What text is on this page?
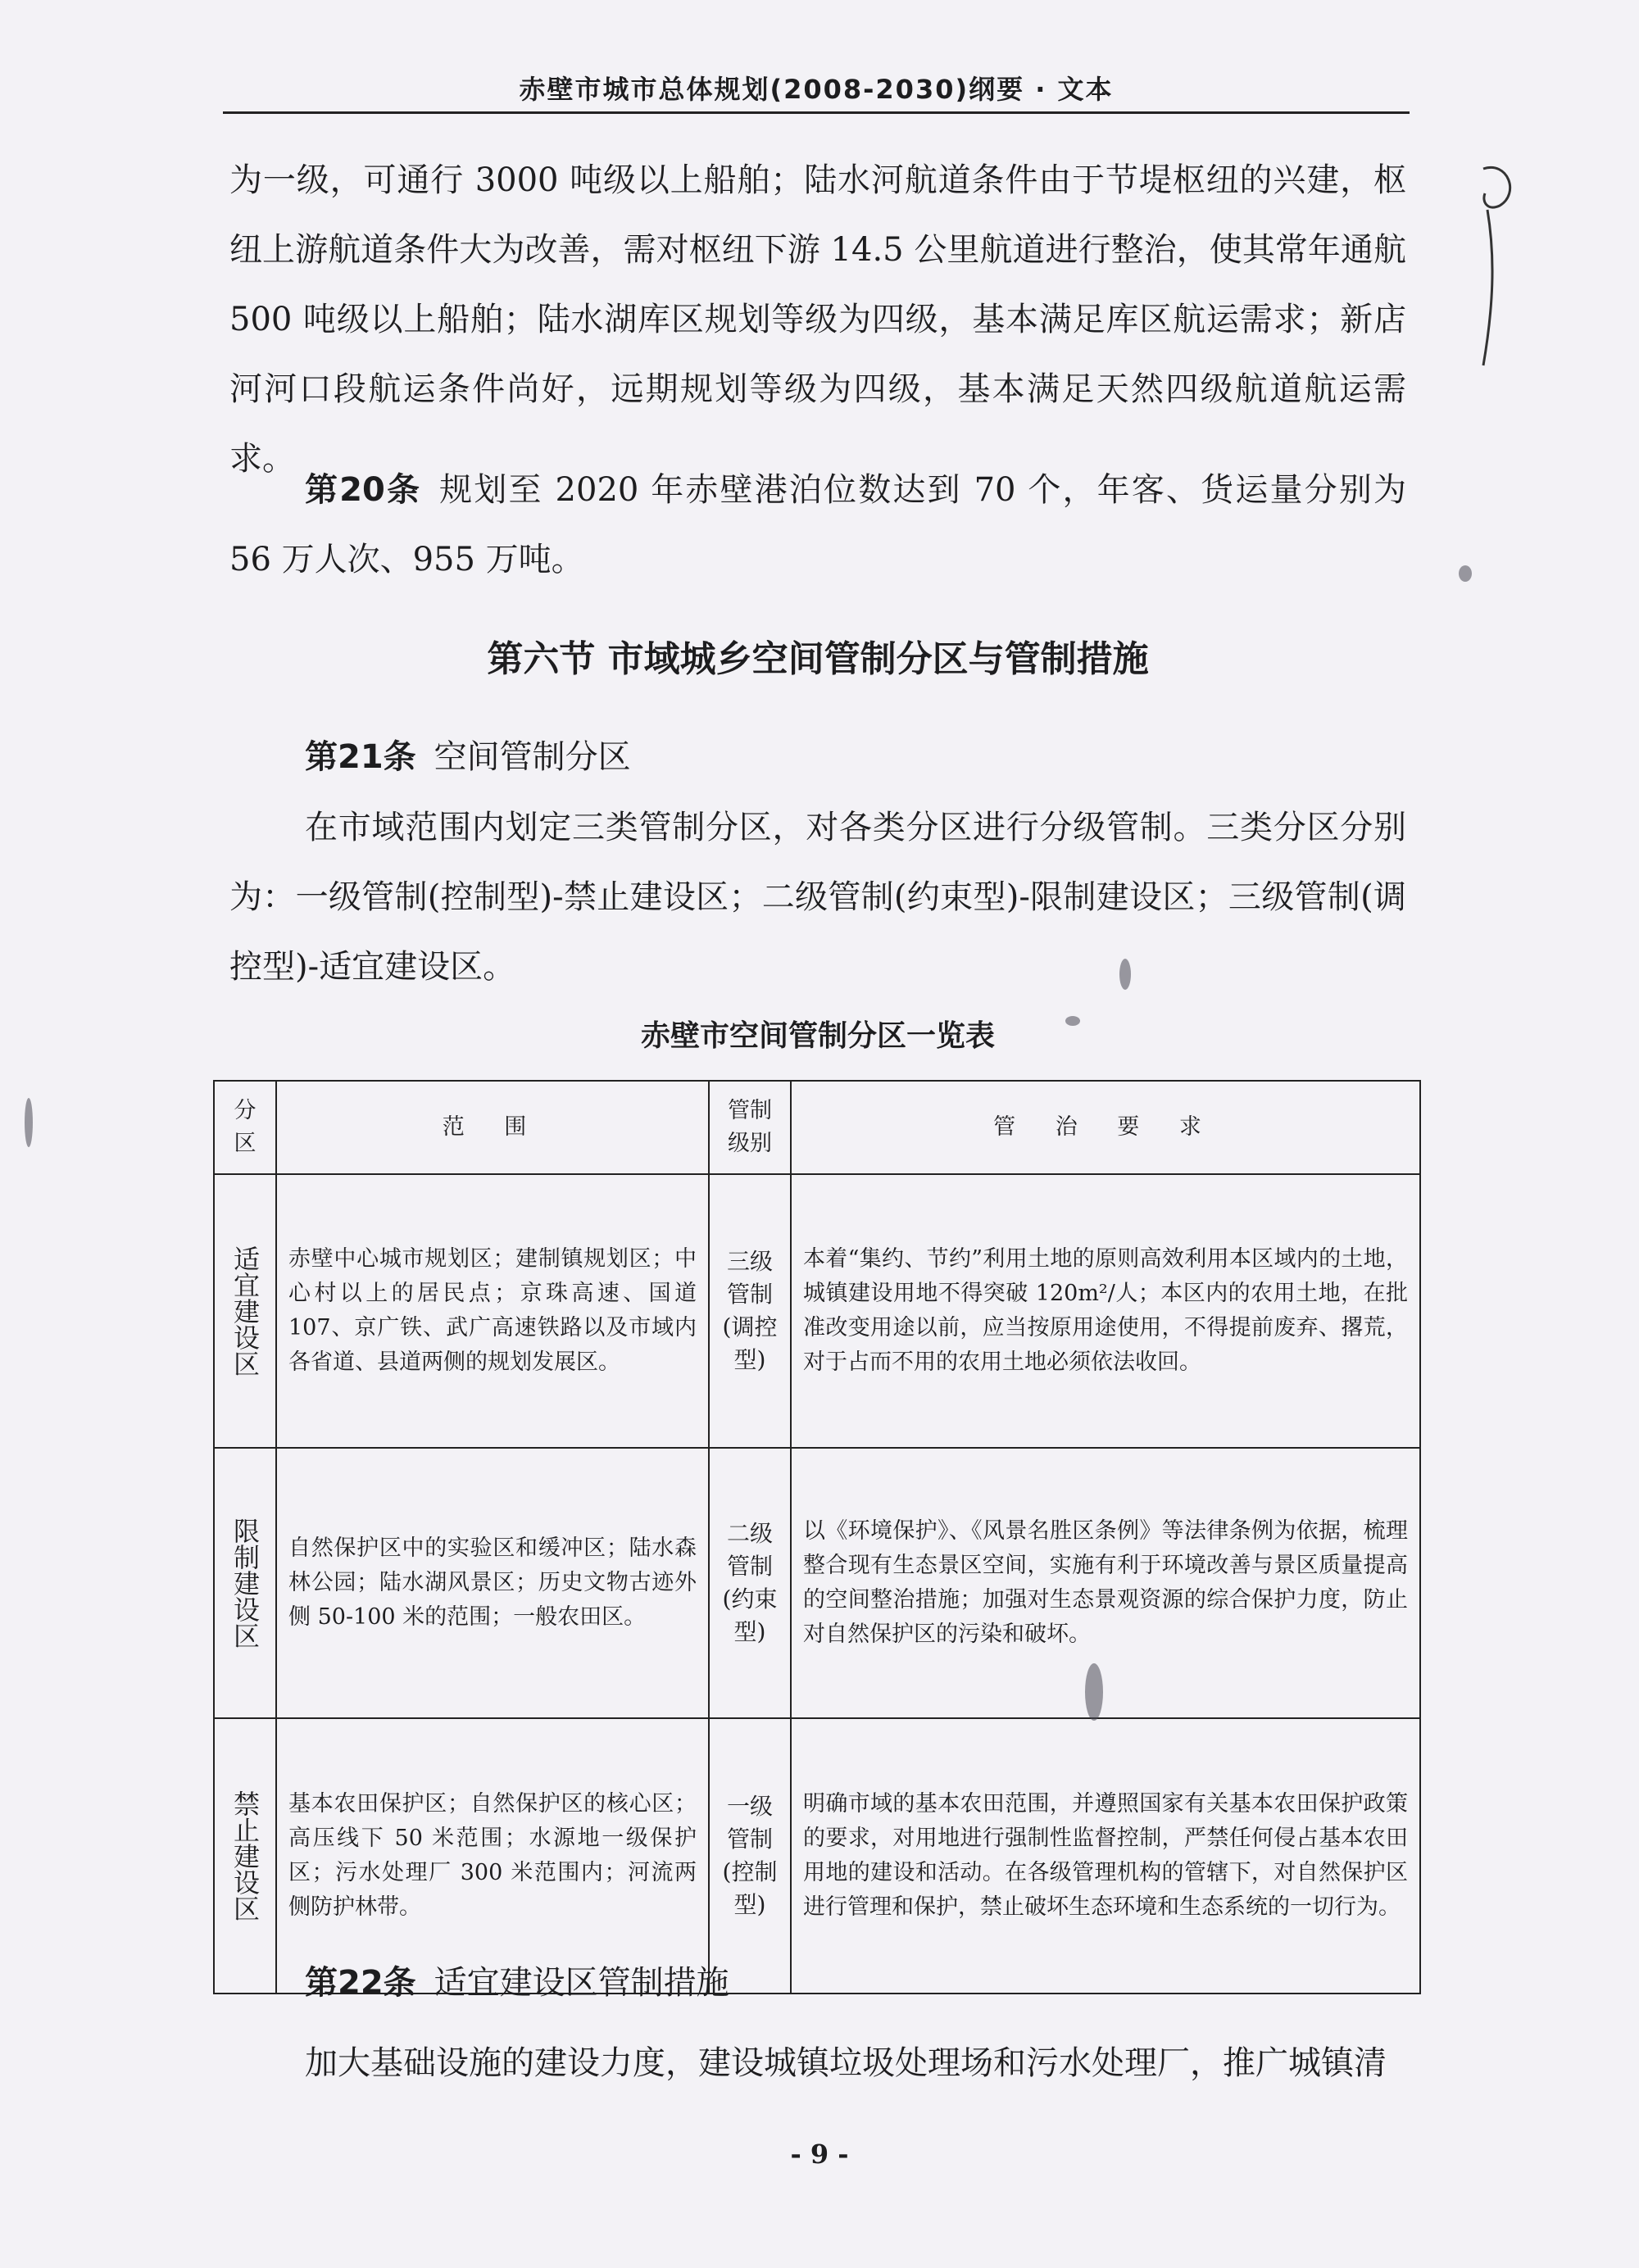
赤壁市城市总体规划(2008-2030)纲要 · 文本

为一级，可通行 3000 吨级以上船舶；陆水河航道条件由于节堤枢纽的兴建，枢纽上游航道条件大为改善，需对枢纽下游 14.5 公里航道进行整治，使其常年通航 500 吨级以上船舶；陆水湖库区规划等级为四级，基本满足库区航运需求；新店河河口段航运条件尚好，远期规划等级为四级，基本满足天然四级航道航运需求。

第20条 规划至 2020 年赤壁港泊位数达到 70 个，年客、货运量分别为 56 万人次、955 万吨。

第六节 市域城乡空间管制分区与管制措施

第21条 空间管制分区

在市域范围内划定三类管制分区，对各类分区进行分级管制。三类分区分别为：一级管制(控制型)-禁止建设区；二级管制(约束型)-限制建设区；三级管制(调控型)-适宜建设区。

赤壁市空间管制分区一览表

分区	范 围	管制级别	管 治 要 求
适宜建设区	赤壁中心城市规划区；建制镇规划区；中心村以上的居民点；京珠高速、国道 107、京广铁、武广高速铁路以及市域内各省道、县道两侧的规划发展区。	三级管制(调控型)	本着“集约、节约”利用土地的原则高效利用本区域内的土地，城镇建设用地不得突破 120m²/人；本区内的农用土地，在批准改变用途以前，应当按原用途使用，不得提前废弃、撂荒，对于占而不用的农用土地必须依法收回。
限制建设区	自然保护区中的实验区和缓冲区；陆水森林公园；陆水湖风景区；历史文物古迹外侧 50-100 米的范围；一般农田区。	二级管制(约束型)	以《环境保护》、《风景名胜区条例》等法律条例为依据，梳理整合现有生态景区空间，实施有利于环境改善与景区质量提高的空间整治措施；加强对生态景观资源的综合保护力度，防止对自然保护区的污染和破坏。
禁止建设区	基本农田保护区；自然保护区的核心区；高压线下 50 米范围；水源地一级保护区；污水处理厂 300 米范围内；河流两侧防护林带。	一级管制(控制型)	明确市域的基本农田范围，并遵照国家有关基本农田保护政策的要求，对用地进行强制性监督控制，严禁任何侵占基本农田用地的建设和活动。在各级管理机构的管辖下，对自然保护区进行管理和保护，禁止破坏生态环境和生态系统的一切行为。

第22条 适宜建设区管制措施

加大基础设施的建设力度，建设城镇垃圾处理场和污水处理厂，推广城镇清

- 9 -
